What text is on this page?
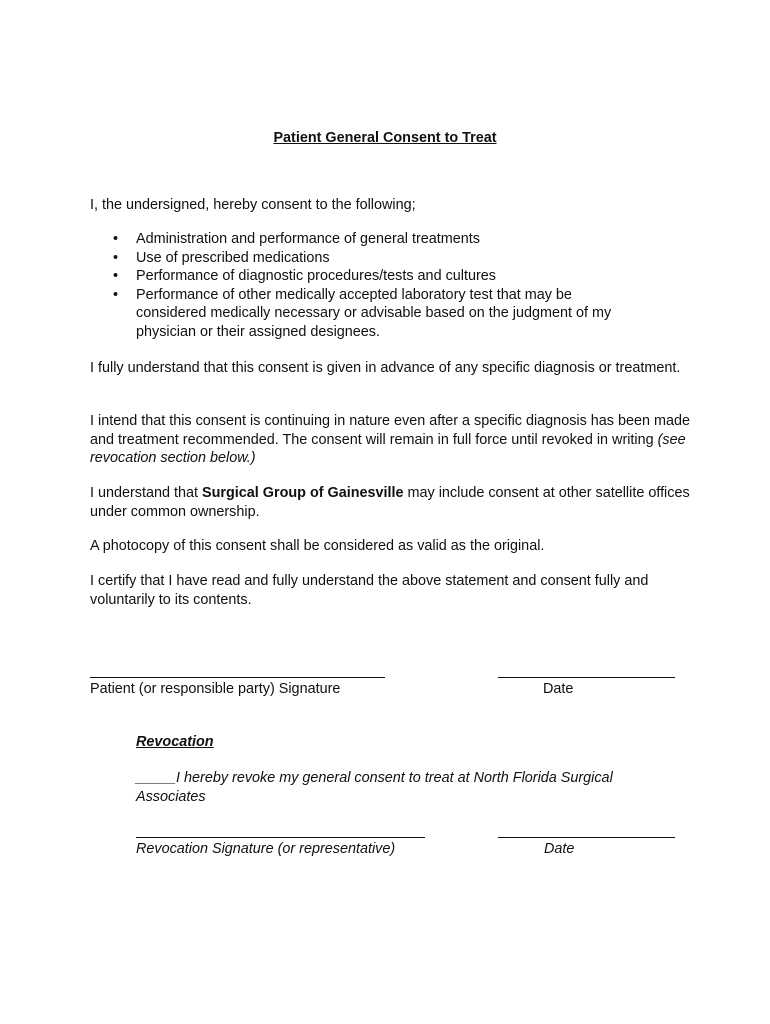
Patient General Consent to Treat

I, the undersigned, hereby consent to the following;

• Administration and performance of general treatments
• Use of prescribed medications
• Performance of diagnostic procedures/tests and cultures
• Performance of other medically accepted laboratory test that may be considered medically necessary or advisable based on the judgment of my physician or their assigned designees.

I fully understand that this consent is given in advance of any specific diagnosis or treatment.

I intend that this consent is continuing in nature even after a specific diagnosis has been made and treatment recommended. The consent will remain in full force until revoked in writing (see revocation section below.)

I understand that Surgical Group of Gainesville may include consent at other satellite offices under common ownership.

A photocopy of this consent shall be considered as valid as the original.

I certify that I have read and fully understand the above statement and consent fully and voluntarily to its contents.

Patient (or responsible party) Signature	Date
Revocation
_____I hereby revoke my general consent to treat at North Florida Surgical Associates
Revocation Signature (or representative)	Date
